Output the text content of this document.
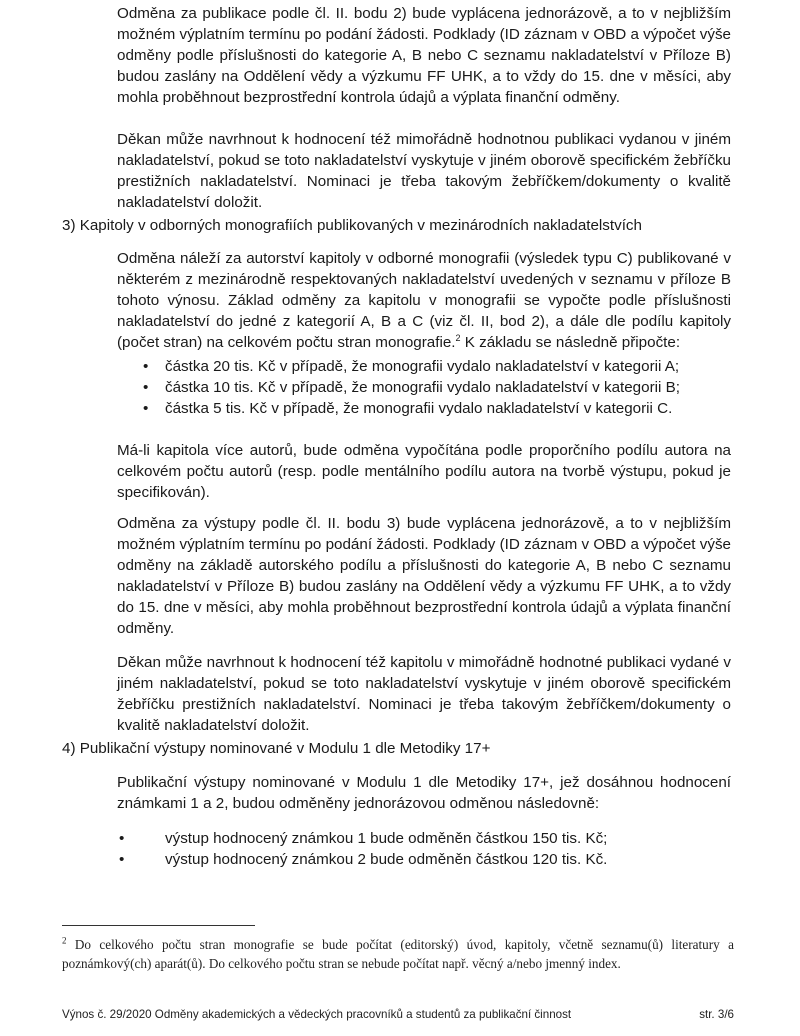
Odměna za publikace podle čl. II. bodu 2) bude vyplácena jednorázově, a to v nejbližším možném výplatním termínu po podání žádosti. Podklady (ID záznam v OBD a výpočet výše odměny podle příslušnosti do kategorie A, B nebo C seznamu nakladatelství v Příloze B) budou zaslány na Oddělení vědy a výzkumu FF UHK, a to vždy do 15. dne v měsíci, aby mohla proběhnout bezprostřední kontrola údajů a výplata finanční odměny.
Děkan může navrhnout k hodnocení též mimořádně hodnotnou publikaci vydanou v jiném nakladatelství, pokud se toto nakladatelství vyskytuje v jiném oborově specifickém žebříčku prestižních nakladatelství. Nominaci je třeba takovým žebříčkem/dokumenty o kvalitě nakladatelství doložit.
3) Kapitoly v odborných monografiích publikovaných v mezinárodních nakladatelstvích
Odměna náleží za autorství kapitoly v odborné monografii (výsledek typu C) publikované v některém z mezinárodně respektovaných nakladatelství uvedených v seznamu v příloze B tohoto výnosu. Základ odměny za kapitolu v monografii se vypočte podle příslušnosti nakladatelství do jedné z kategorií A, B a C (viz čl. II, bod 2), a dále dle podílu kapitoly (počet stran) na celkovém počtu stran monografie.$^2$ K základu se následně připočte:
• částka 20 tis. Kč v případě, že monografii vydalo nakladatelství v kategorii A;
• částka 10 tis. Kč v případě, že monografii vydalo nakladatelství v kategorii B;
• částka 5 tis. Kč v případě, že monografii vydalo nakladatelství v kategorii C.
Má-li kapitola více autorů, bude odměna vypočítána podle proporčního podílu autora na celkovém počtu autorů (resp. podle mentálního podílu autora na tvorbě výstupu, pokud je specifikován).
Odměna za výstupy podle čl. II. bodu 3) bude vyplácena jednorázově, a to v nejbližším možném výplatním termínu po podání žádosti. Podklady (ID záznam v OBD a výpočet výše odměny na základě autorského podílu a příslušnosti do kategorie A, B nebo C seznamu nakladatelství v Příloze B) budou zaslány na Oddělení vědy a výzkumu FF UHK, a to vždy do 15. dne v měsíci, aby mohla proběhnout bezprostřední kontrola údajů a výplata finanční odměny.
Děkan může navrhnout k hodnocení též kapitolu v mimořádně hodnotné publikaci vydané v jiném nakladatelství, pokud se toto nakladatelství vyskytuje v jiném oborově specifickém žebříčku prestižních nakladatelství. Nominaci je třeba takovým žebříčkem/dokumenty o kvalitě nakladatelství doložit.
4) Publikační výstupy nominované v Modulu 1 dle Metodiky 17+
Publikační výstupy nominované v Modulu 1 dle Metodiky 17+, jež dosáhnou hodnocení známkami 1 a 2, budou odměněny jednorázovou odměnou následovně:
•	výstup hodnocený známkou 1 bude odměněn částkou 150 tis. Kč;
•	výstup hodnocený známkou 2 bude odměněn částkou 120 tis. Kč.
$^2$ Do celkového počtu stran monografie se bude počítat (editorský) úvod, kapitoly, včetně seznamu(ů) literatury a poznámkový(ch) aparát(ů). Do celkového počtu stran se nebude počítat např. věcný a/nebo jmenný index.
Výnos č. 29/2020 Odměny akademických a vědeckých pracovníků a studentů za publikační činnost	str. 3/6
